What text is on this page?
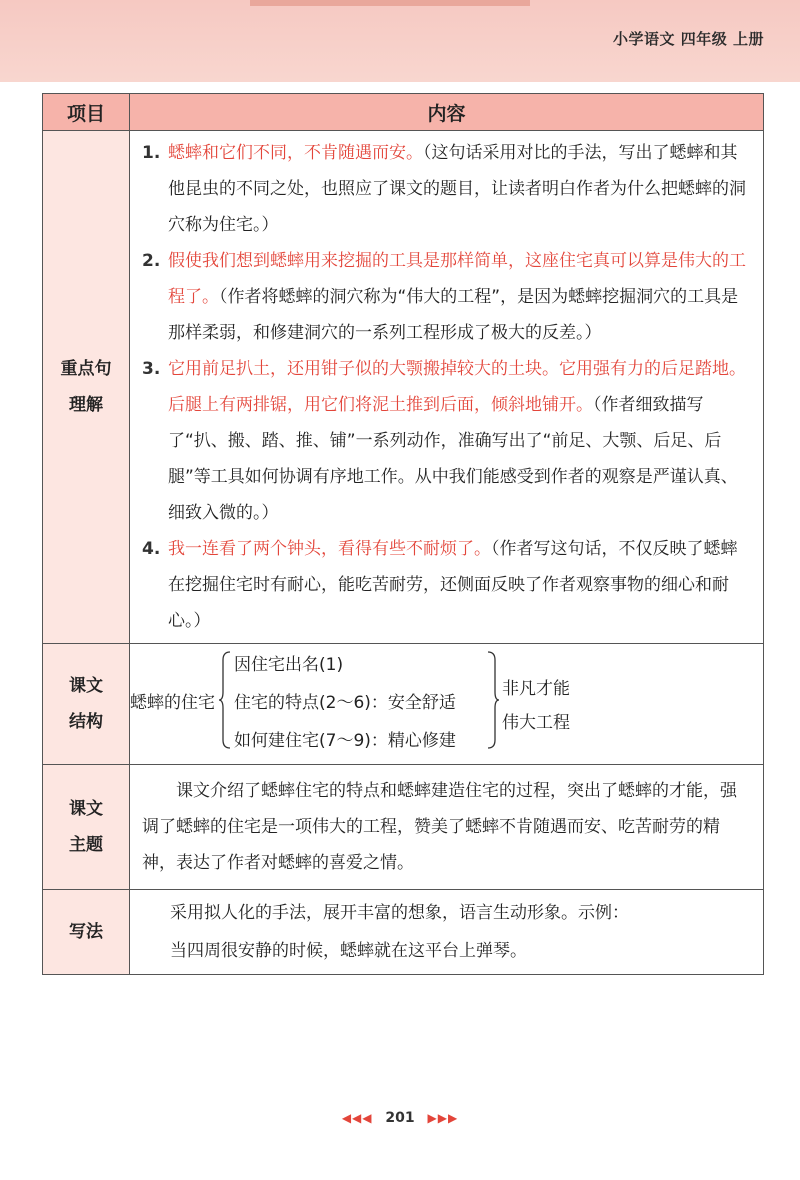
小学语文 四年级 上册
项目	内容
重点句
理解
1. 蟋蟀和它们不同，不肯随遇而安。（这句话采用对比的手法，写出了蟋蟀和其他昆虫的不同之处，也照应了课文的题目，让读者明白作者为什么把蟋蟀的洞穴称为住宅。）
2. 假使我们想到蟋蟀用来挖掘的工具是那样简单，这座住宅真可以算是伟大的工程了。（作者将蟋蟀的洞穴称为“伟大的工程”，是因为蟋蟀挖掘洞穴的工具是那样柔弱，和修建洞穴的一系列工程形成了极大的反差。）
3. 它用前足扒土，还用钳子似的大颚搬掉较大的土块。它用强有力的后足踏地。后腿上有两排锯，用它们将泥土推到后面，倾斜地铺开。（作者细致描写了“扒、搬、踏、推、铺”一系列动作，准确写出了“前足、大颚、后足、后腿”等工具如何协调有序地工作。从中我们能感受到作者的观察是严谨认真、细致入微的。）
4. 我一连看了两个钟头，看得有些不耐烦了。（作者写这句话，不仅反映了蟋蟀在挖掘住宅时有耐心，能吃苦耐劳，还侧面反映了作者观察事物的细心和耐心。）
课文
结构
蟋蟀的住宅
因住宅出名(1)
住宅的特点(2～6)：安全舒适
如何建住宅(7～9)：精心修建
非凡才能
伟大工程
课文
主题
课文介绍了蟋蟀住宅的特点和蟋蟀建造住宅的过程，突出了蟋蟀的才能，强调了蟋蟀的住宅是一项伟大的工程，赞美了蟋蟀不肯随遇而安、吃苦耐劳的精神，表达了作者对蟋蟀的喜爱之情。
写法
采用拟人化的手法，展开丰富的想象，语言生动形象。示例：
当四周很安静的时候，蟋蟀就在这平台上弹琴。
◀◀◀ 201 ▶▶▶
